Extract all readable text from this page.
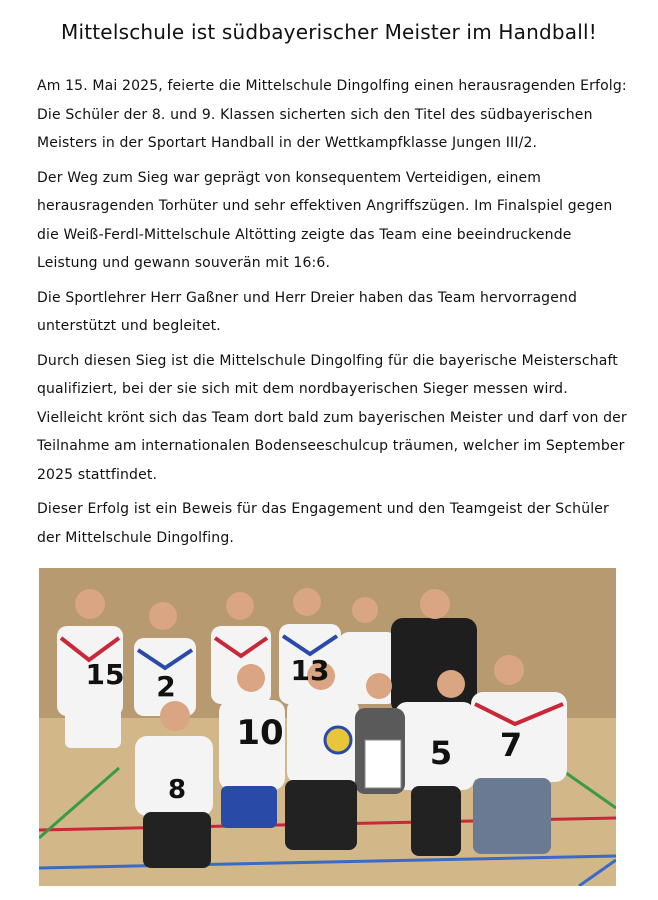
Mittelschule ist südbayerischer Meister im Handball!

Am 15. Mai 2025, feierte die Mittelschule Dingolfing einen herausragenden Erfolg: Die Schüler der 8. und 9. Klassen sicherten sich den Titel des südbayerischen Meisters in der Sportart Handball in der Wettkampfklasse Jungen III/2.

Der Weg zum Sieg war geprägt von konsequentem Verteidigen, einem herausragenden Torhüter und sehr effektiven Angriffszügen. Im Finalspiel gegen die Weiß-Ferdl-Mittelschule Altötting zeigte das Team eine beeindruckende Leistung und gewann souverän mit 16:6.

Die Sportlehrer Herr Gaßner und Herr Dreier haben das Team hervorragend unterstützt und begleitet.

Durch diesen Sieg ist die Mittelschule Dingolfing für die bayerische Meisterschaft qualifiziert, bei der sie sich mit dem nordbayerischen Sieger messen wird. Vielleicht krönt sich das Team dort bald zum bayerischen Meister und darf von der Teilnahme am internationalen Bodenseeschulcup träumen, welcher im September 2025 stattfindet.

Dieser Erfolg ist ein Beweis für das Engagement und den Teamgeist der Schüler der Mittelschule Dingolfing.

15 2	13
10
8
5 7
